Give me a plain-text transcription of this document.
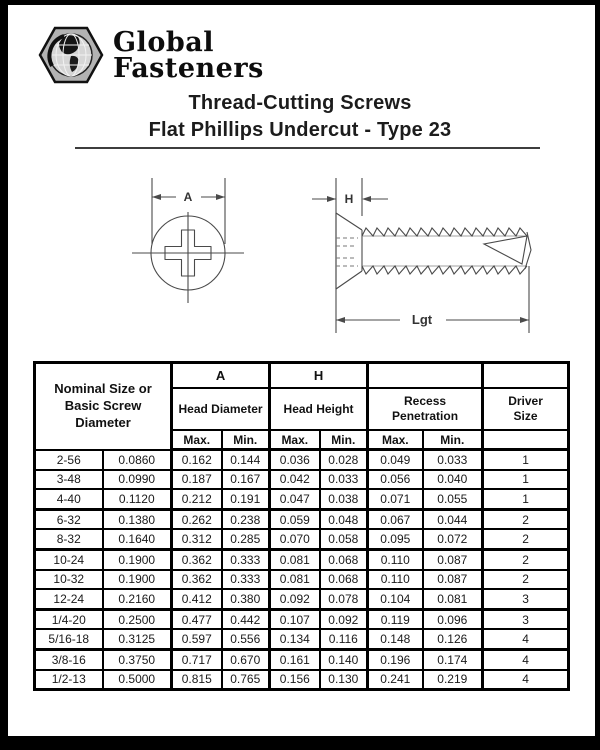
Global
Fasteners
Thread-Cutting Screws
Flat Phillips Undercut - Type 23
A	H
Lgt
Nominal Size or Basic Screw Diameter		A		H				
		Head Diameter		Head Height		Recess Penetration		Driver Size
		Max.	Min.	Max.	Min.	Max.	Min.	
2-56	0.0860	0.162	0.144	0.036	0.028	0.049	0.033	1
3-48	0.0990	0.187	0.167	0.042	0.033	0.056	0.040	1
4-40	0.1120	0.212	0.191	0.047	0.038	0.071	0.055	1
6-32	0.1380	0.262	0.238	0.059	0.048	0.067	0.044	2
8-32	0.1640	0.312	0.285	0.070	0.058	0.095	0.072	2
10-24	0.1900	0.362	0.333	0.081	0.068	0.110	0.087	2
10-32	0.1900	0.362	0.333	0.081	0.068	0.110	0.087	2
12-24	0.2160	0.412	0.380	0.092	0.078	0.104	0.081	3
1/4-20	0.2500	0.477	0.442	0.107	0.092	0.119	0.096	3
5/16-18	0.3125	0.597	0.556	0.134	0.116	0.148	0.126	4
3/8-16	0.3750	0.717	0.670	0.161	0.140	0.196	0.174	4
1/2-13	0.5000	0.815	0.765	0.156	0.130	0.241	0.219	4
